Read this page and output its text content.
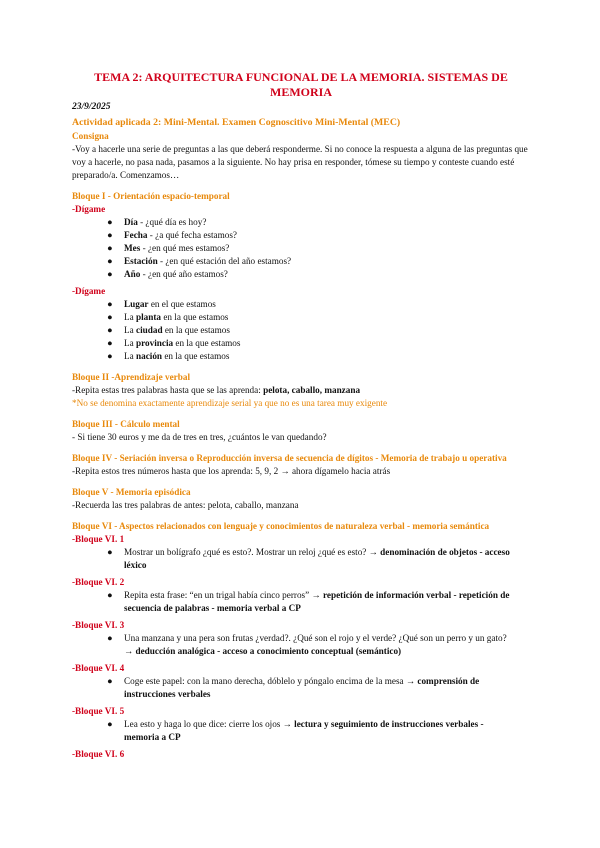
TEMA 2: ARQUITECTURA FUNCIONAL DE LA MEMORIA. SISTEMAS DE MEMORIA

23/9/2025

Actividad aplicada 2: Mini-Mental. Examen Cognoscitivo Mini-Mental (MEC)

Consigna

-Voy a hacerle una serie de preguntas a las que deberá responderme. Si no conoce la respuesta a alguna de las preguntas que voy a hacerle, no pasa nada, pasamos a la siguiente. No hay prisa en responder, tómese su tiempo y conteste cuando esté preparado/a. Comenzamos…

Bloque I - Orientación espacio-temporal

-Dígame

● Día - ¿qué día es hoy?
● Fecha - ¿a qué fecha estamos?
● Mes - ¿en qué mes estamos?
● Estación - ¿en qué estación del año estamos?
● Año - ¿en qué año estamos?

-Dígame

● Lugar en el que estamos
● La planta en la que estamos
● La ciudad en la que estamos
● La provincia en la que estamos
● La nación en la que estamos

Bloque II -Aprendizaje verbal

-Repita estas tres palabras hasta que se las aprenda: pelota, caballo, manzana

*No se denomina exactamente aprendizaje serial ya que no es una tarea muy exigente

Bloque III - Cálculo mental

- Si tiene 30 euros y me da de tres en tres, ¿cuántos le van quedando?

Bloque IV - Seriación inversa o Reproducción inversa de secuencia de dígitos - Memoria de trabajo u operativa

-Repita estos tres números hasta que los aprenda: 5, 9, 2 → ahora dígamelo hacia atrás

Bloque V - Memoria episódica

-Recuerda las tres palabras de antes: pelota, caballo, manzana

Bloque VI - Aspectos relacionados con lenguaje y conocimientos de naturaleza verbal - memoria semántica

-Bloque VI. 1

● Mostrar un bolígrafo ¿qué es esto?. Mostrar un reloj ¿qué es esto? → denominación de objetos - acceso léxico

-Bloque VI. 2

● Repita esta frase: “en un trigal había cinco perros” → repetición de información verbal - repetición de secuencia de palabras - memoria verbal a CP

-Bloque VI. 3

● Una manzana y una pera son frutas ¿verdad?. ¿Qué son el rojo y el verde? ¿Qué son un perro y un gato? → deducción analógica - acceso a conocimiento conceptual (semántico)

-Bloque VI. 4

● Coge este papel: con la mano derecha, dóblelo y póngalo encima de la mesa → comprensión de instrucciones verbales

-Bloque VI. 5

● Lea esto y haga lo que dice: cierre los ojos → lectura y seguimiento de instrucciones verbales - memoria a CP

-Bloque VI. 6
